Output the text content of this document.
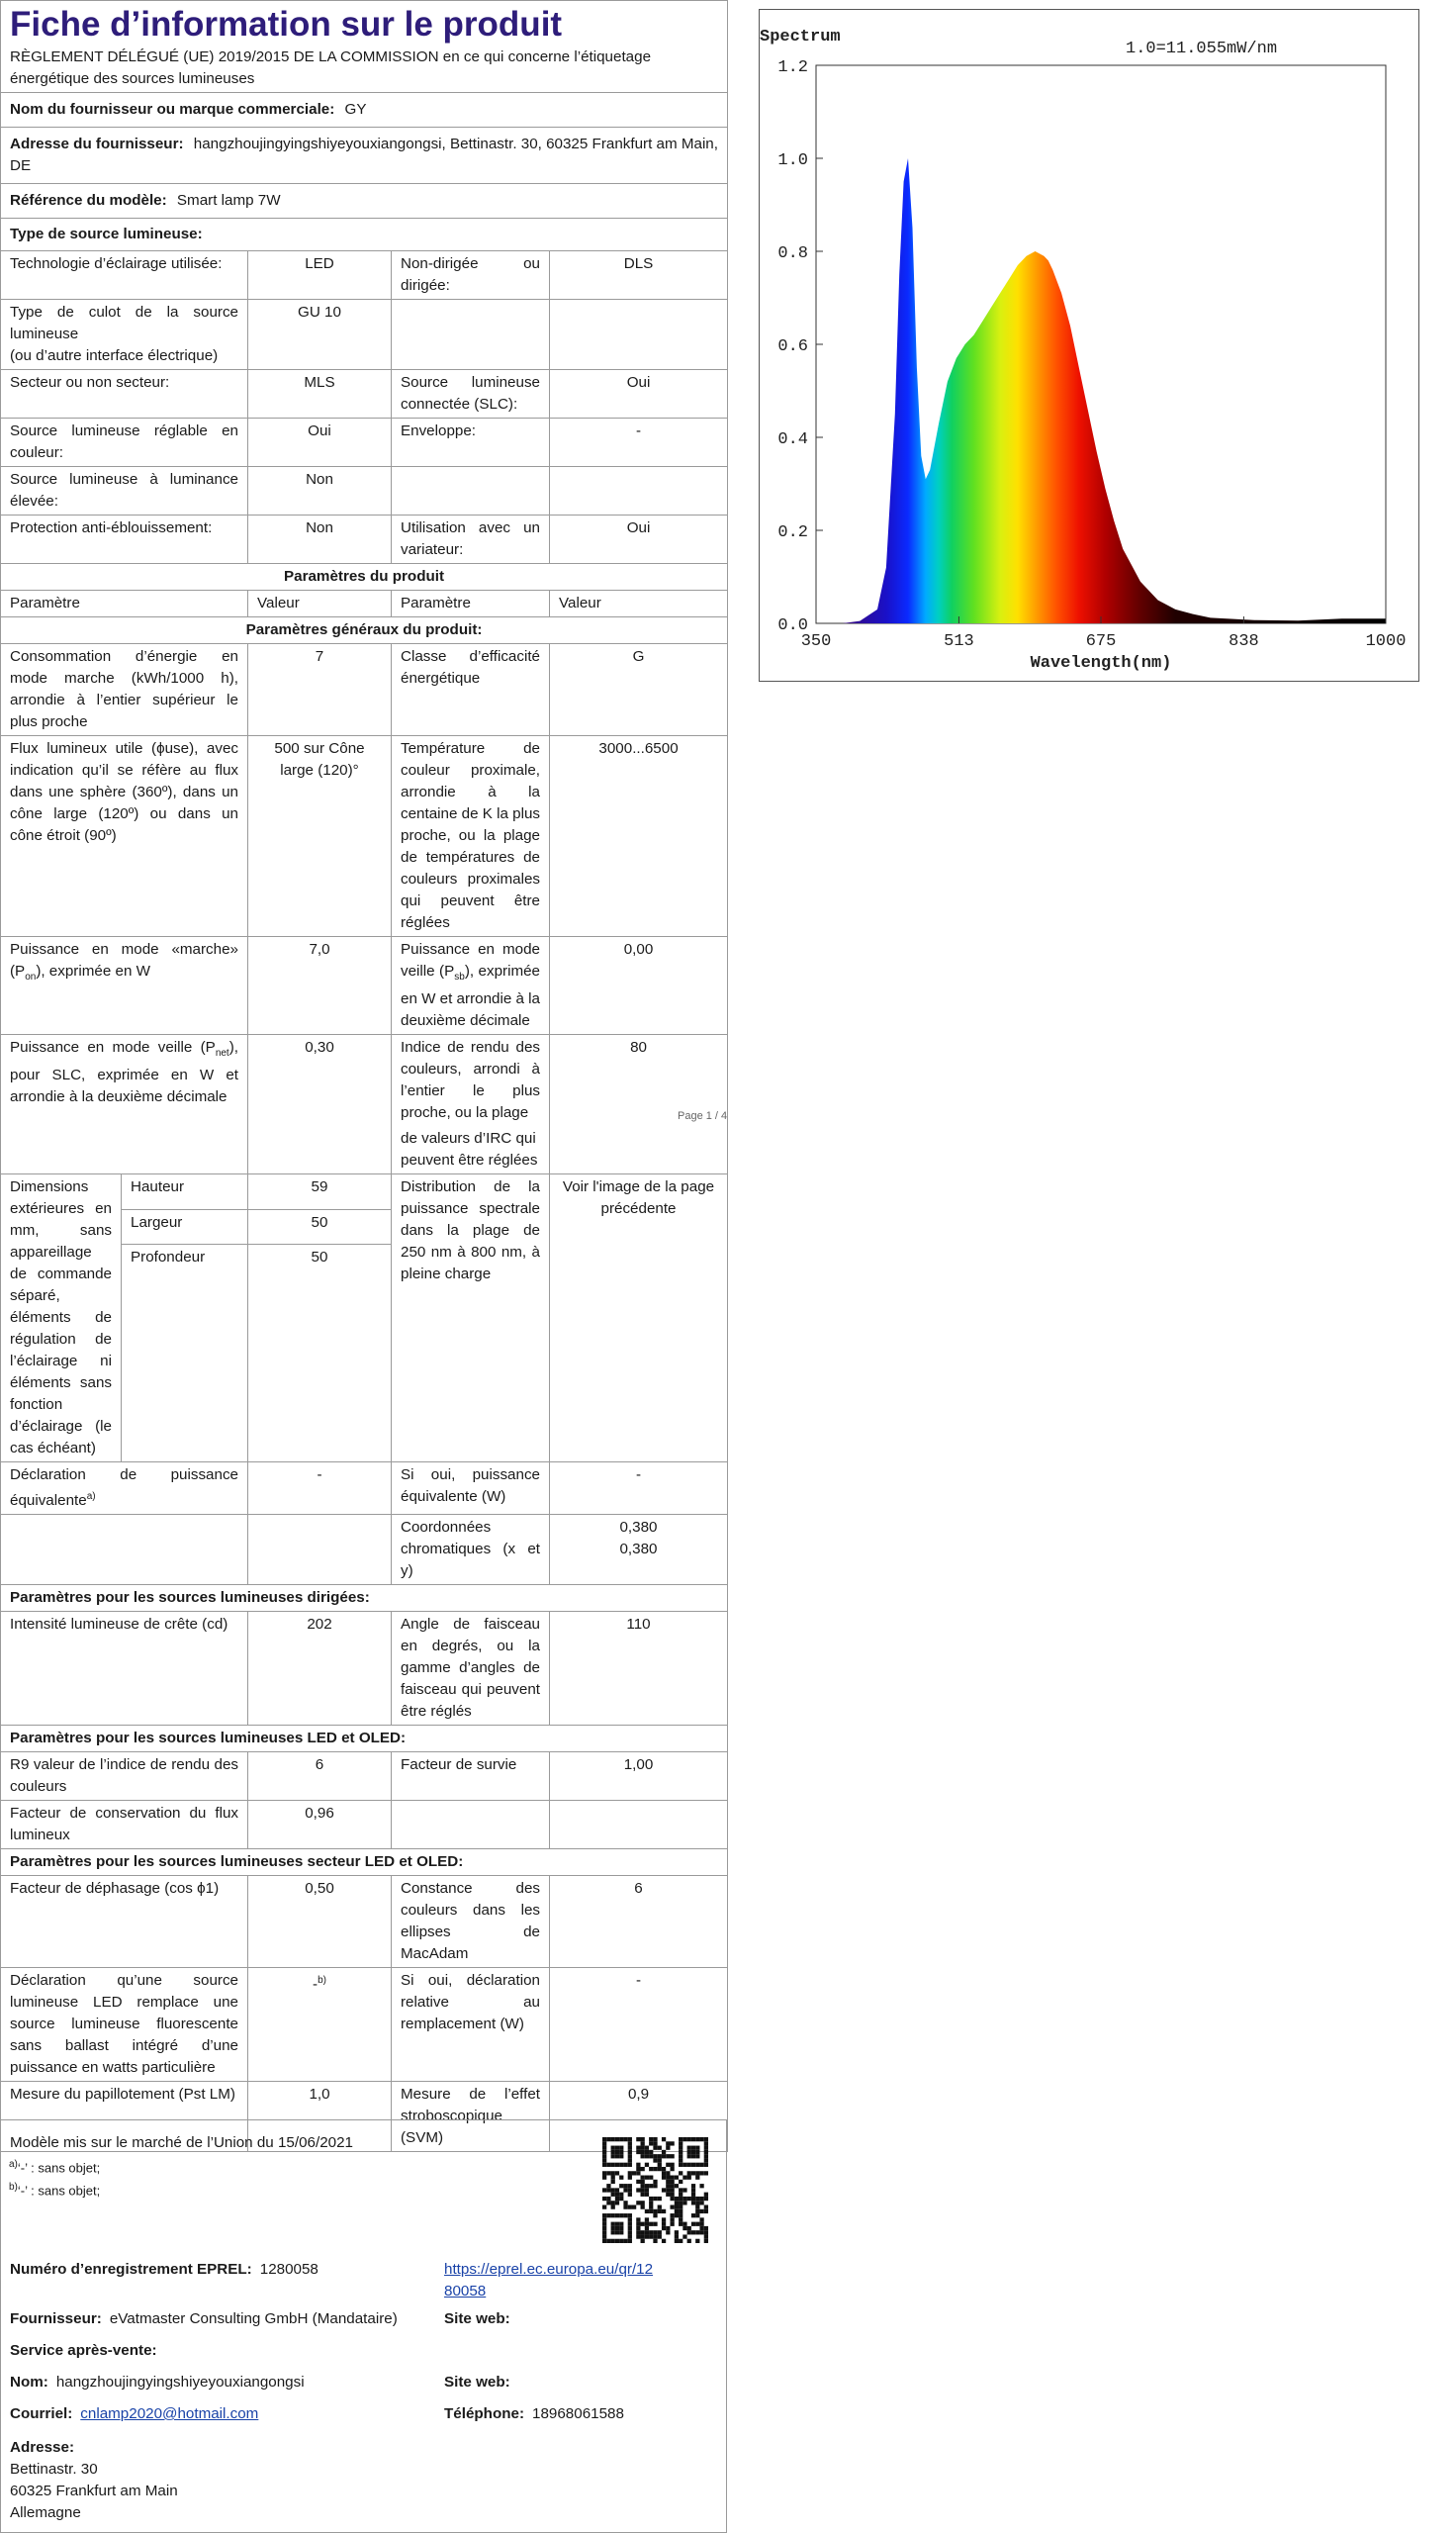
Fiche d’information sur le produit
RÈGLEMENT DÉLÉGUÉ (UE) 2019/2015 DE LA COMMISSION en ce qui concerne l’étiquetage énergétique des sources lumineuses			

Nom du fournisseur ou marque commerciale: GY			
Adresse du fournisseur: hangzhoujingyingshiyeyouxiangongsi, Bettinastr. 30, 60325 Frankfurt am Main, DE			
Référence du modèle: Smart lamp 7W			
Type de source lumineuse:			
Technologie d’éclairage utilisée:	LED	Non-dirigée ou dirigée:	DLS
Type de culot de la source lumineuse
(ou d’autre interface électrique)	GU 10		
Secteur ou non secteur:	MLS	Source lumineuse connectée (SLC):	Oui
Source lumineuse réglable en couleur:	Oui	Enveloppe:	-
Source lumineuse à luminance élevée:	Non		
Protection anti-éblouissement:	Non	Utilisation avec un variateur:	Oui
Paramètres du produit			
Paramètre	Valeur	Paramètre	Valeur
Paramètres généraux du produit:			
Consommation d’énergie en mode marche (kWh/1000 h), arrondie à l’entier supérieur le plus proche	7	Classe d’efficacité énergétique	G
Flux lumineux utile (ϕuse), avec indication qu’il se réfère au flux dans une sphère (360º), dans un cône large (120º) ou dans un cône étroit (90º)	500 sur Cône large (120)°	Température de couleur proximale, arrondie à la centaine de K la plus proche, ou la plage de températures de couleurs proximales qui peuvent être réglées	3000...6500
Puissance en mode «marche» $(P_{on})$, exprimée en W	7,0	Puissance en mode veille $(P_{sb})$, exprimée en W et arrondie à la deuxième décimale	0,00
Puissance en mode veille $(P_{net})$, pour SLC, exprimée en W et arrondie à la deuxième décimale	0,30	Indice de rendu des couleurs, arrondi à l’entier le plus proche, ou la plage	80
Page 1 / 4
			de valeurs d’IRC qui peuvent être réglées	
Dimensions extérieures en mm, sans appareillage de commande séparé, éléments de régulation de l’éclairage ni éléments sans fonction d’éclairage (le cas échéant)	Hauteur	59	Distribution de la puissance spectrale dans la plage de 250 nm à 800 nm, à pleine charge	Voir l'image de la page précédente
	Largeur	50		
	Profondeur	50		
Déclaration de puissance équivalente$^{a)}$		-	Si oui, puissance équivalente (W)	-
			Coordonnées chromatiques (x et y)	0,380
0,380
Paramètres pour les sources lumineuses dirigées:				
Intensité lumineuse de crête (cd)		202	Angle de faisceau en degrés, ou la gamme d’angles de faisceau qui peuvent être réglés	110
Paramètres pour les sources lumineuses LED et OLED:				
R9 valeur de l’indice de rendu des couleurs		6	Facteur de survie	1,00
Facteur de conservation du flux lumineux		0,96		
Paramètres pour les sources lumineuses secteur LED et OLED:				
Facteur de déphasage (cos ϕ1)		0,50	Constance des couleurs dans les ellipses de MacAdam	6
Déclaration qu’une source lumineuse LED remplace une source lumineuse fluorescente sans ballast intégré d’une puissance en watts particulière		-$^{b)}$	Si oui, déclaration relative au remplacement (W)	-
Mesure du papillotement (Pst LM)		1,0	Mesure de l’effet stroboscopique (SVM)	0,9
$^{a)}$‘-’ : sans objet;
$^{b)}$‘-’ : sans objet;
Modèle mis sur le marché de l’Union du 15/06/2021
Numéro d’enregistrement EPREL: 1280058	https://eprel.ec.europa.eu/qr/12
80058
Fournisseur: eVatmaster Consulting GmbH (Mandataire)	Site web:
Service après-vente:
Nom: hangzhoujingyingshiyeyouxiangongsi	Site web:
Courriel: cnlamp2020@hotmail.com	Téléphone: 18968061588
Adresse:
Bettinastr. 30
60325 Frankfurt am Main
Allemagne
0.0
0.2
0.4
0.6
0.8
1.0
1.2
350	513	675	838	1000
Spectrum
1.0=11.055mW/nm
Wavelength(nm)
